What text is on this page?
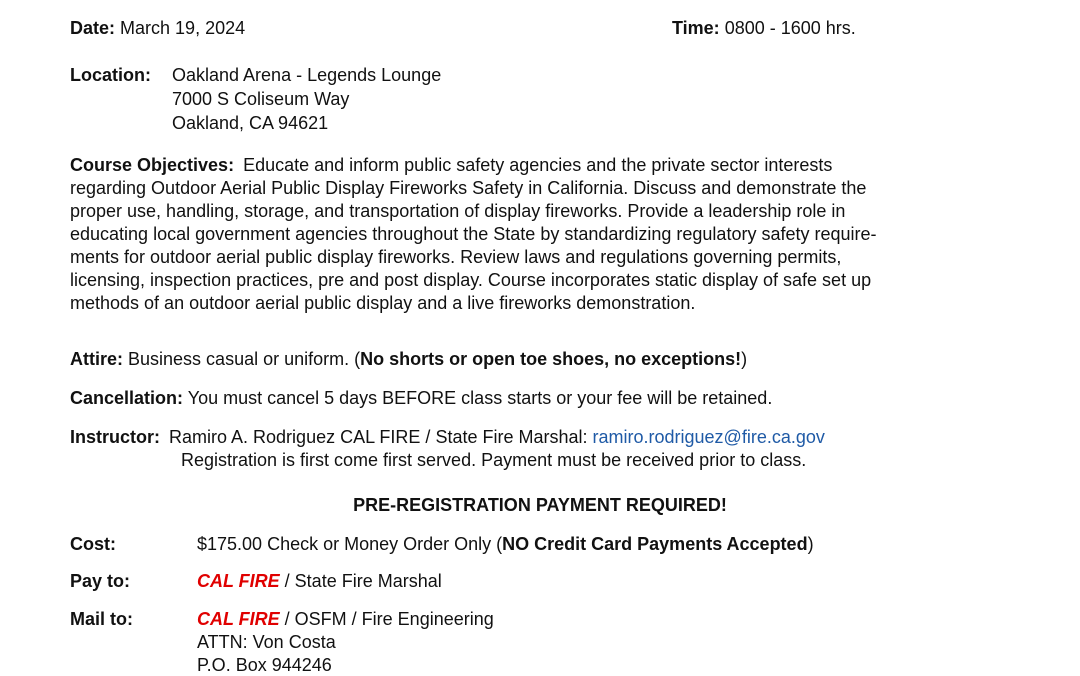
Date: March 19, 2024	Time: 0800 - 1600 hrs.
Location: Oakland Arena - Legends Lounge
7000 S Coliseum Way
Oakland, CA 94621
Course Objectives: Educate and inform public safety agencies and the private sector interests
regarding Outdoor Aerial Public Display Fireworks Safety in California. Discuss and demonstrate the
proper use, handling, storage, and transportation of display fireworks. Provide a leadership role in
educating local government agencies throughout the State by standardizing regulatory safety require-
ments for outdoor aerial public display fireworks. Review laws and regulations governing permits,
licensing, inspection practices, pre and post display. Course incorporates static display of safe set up
methods of an outdoor aerial public display and a live fireworks demonstration.
Attire: Business casual or uniform. (No shorts or open toe shoes, no exceptions!)
Cancellation: You must cancel 5 days BEFORE class starts or your fee will be retained.
Instructor: Ramiro A. Rodriguez CAL FIRE / State Fire Marshal: ramiro.rodriguez@fire.ca.gov
Registration is first come first served. Payment must be received prior to class.
PRE-REGISTRATION PAYMENT REQUIRED!
Cost:	$175.00 Check or Money Order Only (NO Credit Card Payments Accepted)
Pay to:	CAL FIRE / State Fire Marshal
Mail to:	CAL FIRE / OSFM / Fire Engineering
ATTN: Von Costa
P.O. Box 944246
